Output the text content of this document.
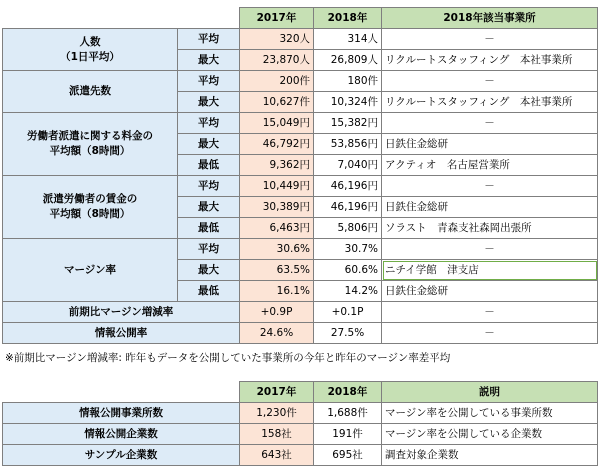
		2017年	2018年	2018年該当事業所
人数
（1日平均）	平均	320人	314人	－
	最大	23,870人	26,809人	リクルートスタッフィング　本社事業所
派遣先数	平均	200件	180件	－
	最大	10,627件	10,324件	リクルートスタッフィング　本社事業所
労働者派遣に関する料金の
平均額（8時間）	平均	15,049円	15,382円	－
	最大	46,792円	53,856円	日鉄住金総研
	最低	9,362円	7,040円	アクティオ　名古屋営業所
派遣労働者の賃金の
平均額（8時間）	平均	10,449円	46,196円	－
	最大	30,389円	46,196円	日鉄住金総研
	最低	6,463円	5,806円	ソラスト　青森支社森岡出張所
マージン率	平均	30.6%	30.7%	－
	最大	63.5%	60.6%	ニチイ学館　津支店
	最低	16.1%	14.2%	日鉄住金総研
前期比マージン増減率		+0.9P	+0.1P	－
情報公開率		24.6%	27.5%	－
※前期比マージン増減率: 昨年もデータを公開していた事業所の今年と昨年のマージン率差平均
	2017年	2018年	説明
情報公開事業所数	1,230件	1,688件	マージン率を公開している事業所数
情報公開企業数	158社	191件	マージン率を公開している企業数
サンプル企業数	643社	695社	調査対象企業数
